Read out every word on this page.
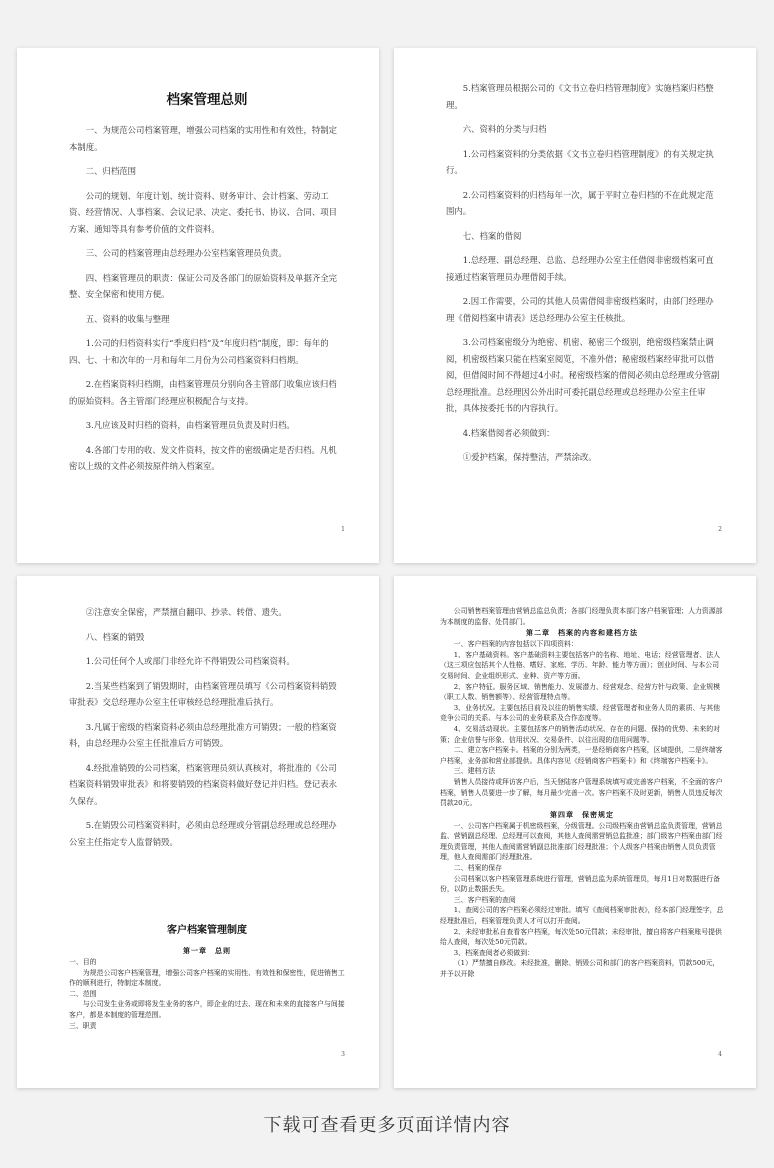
档案管理总则

一、为规范公司档案管理，增强公司档案的实用性和有效性，特制定本制度。

二、归档范围

公司的规划、年度计划、统计资料、财务审计、会计档案、劳动工资、经营情况、人事档案、会议记录、决定、委托书、协议、合同、项目方案、通知等具有参考价值的文件资料。

三、公司的档案管理由总经理办公室档案管理员负责。

四、档案管理员的职责：保证公司及各部门的原始资料及单据齐全完整、安全保密和使用方便。

五、资料的收集与整理

1.公司的归档资料实行“季度归档”及“年度归档”制度，即：每年的四、七、十和次年的一月和每年二月份为公司档案资料归档期。

2.在档案资料归档期，由档案管理员分别向各主管部门收集应该归档的原始资料。各主管部门经理应积极配合与支持。

3.凡应该及时归档的资料，由档案管理员负责及时归档。

4.各部门专用的收、发文件资料，按文件的密级确定是否归档。凡机密以上级的文件必须按原件纳入档案室。

1

5.档案管理员根据公司的《文书立卷归档管理制度》实施档案归档整理。

六、资料的分类与归档

1.公司档案资料的分类依据《文书立卷归档管理制度》的有关规定执行。

2.公司档案资料的归档每年一次，属于平时立卷归档的不在此规定范围内。

七、档案的借阅

1.总经理、副总经理、总监、总经理办公室主任借阅非密级档案可直接通过档案管理员办理借阅手续。

2.因工作需要，公司的其他人员需借阅非密级档案时，由部门经理办理《借阅档案申请表》送总经理办公室主任核批。

3.公司档案密级分为绝密、机密、秘密三个级别，绝密级档案禁止调阅，机密级档案只能在档案室阅览，不准外借；秘密级档案经审批可以借阅，但借阅时间不得超过4小时。秘密级档案的借阅必须由总经理或分管副总经理批准。总经理因公外出时可委托副总经理或总经理办公室主任审批，具体按委托书的内容执行。

4.档案借阅者必须做到：

①爱护档案，保持整洁，严禁涂改。

2

②注意安全保密，严禁擅自翻印、抄录、转借、遗失。

八、档案的销毁

1.公司任何个人或部门非经允许不得销毁公司档案资料。

2.当某些档案到了销毁期时，由档案管理员填写《公司档案资料销毁审批表》交总经理办公室主任审核经总经理批准后执行。

3.凡属于密级的档案资料必须由总经理批准方可销毁；一般的档案资料，由总经理办公室主任批准后方可销毁。

4.经批准销毁的公司档案，档案管理员须认真核对，将批准的《公司档案资料销毁审批表》和将要销毁的档案资料做好登记并归档。登记表永久保存。

5.在销毁公司档案资料时，必须由总经理或分管副总经理或总经理办公室主任指定专人监督销毁。

客户档案管理制度
第一章　总则

一、目的

为规范公司客户档案管理，增强公司客户档案的实用性、有效性和保密性，促进销售工作的顺利进行，特制定本制度。

二、范围

与公司发生业务或即将发生业务的客户，即企业的过去、现在和未来的直接客户与间接客户，都是本制度的管理范围。

三、职责

3

公司销售档案管理由营销总监总负责；各部门经理负责本部门客户档案管理；人力资源部为本制度的监督、处罚部门。

第二章　档案的内容和建档方法

一、客户档案的内容包括以下四项资料：

1、客户基础资料。客户基础资料主要包括客户的名称、地址、电话；经营管理者、法人（这三项应包括其个人性格、嗜好、家庭、学历、年龄、能力等方面）；创业时间、与本公司交易时间、企业组织形式、业种、资产等方面。

2、客户特征。服务区域、销售能力、发展潜力、经营观念、经营方针与政策、企业规模（职工人数、销售额等）、经营管理特点等。

3、业务状况。主要包括目前及以往的销售实绩、经营管理者和业务人员的素质、与其他竞争公司的关系、与本公司的业务联系及合作态度等。

4、交易活动现状。主要包括客户的销售活动状况、存在的问题、保持的优势、未来的对策；企业信誉与形象、信用状况、交易条件、以往出现的信用问题等。

二、建立客户档案卡。档案的分别为两类，一是经销商客户档案，区域提供，二是终端客户档案，业务部和营业部提供。具体内容见《经销商客户档案卡》和《终端客户档案卡》。

三、建档方法

销售人员接待或拜访客户后，当天登陆客户管理系统填写或完善客户档案，不全面的客户档案，销售人员要进一步了解，每月最少完善一次。客户档案不及时更新，销售人员违反每次罚款20元。

第四章　保密规定

一、公司客户档案属于机密级档案，分级管理。公司级档案由营销总监负责管理，营销总监、营销副总经理、总经理可以查阅，其他人查阅需营销总监批准；部门级客户档案由部门经理负责管理，其他人查阅需营销副总批准部门经理批准；个人级客户档案由销售人员负责管理，他人查阅需部门经理批准。

二、档案的保存

公司档案以客户档案管理系统进行管理，营销总监为系统管理员，每月1日对数据进行备份，以防止数据丢失。

三、客户档案的查阅

1、查阅公司的客户档案必须经过审批。填写《查阅档案审批表》，经本部门经理签字，总经理批准后，档案管理负责人才可以打开查阅。

2、未经审批私自查看客户档案，每次处50元罚款；未经审批，擅自将客户档案账号提供给人查阅，每次处50元罚款。

3、档案查阅者必须做到：

（1）严禁擅自修改。未经批准，删除、销毁公司和部门的客户档案资料，罚款500元，并予以开除

4
下载可查看更多页面详情内容
